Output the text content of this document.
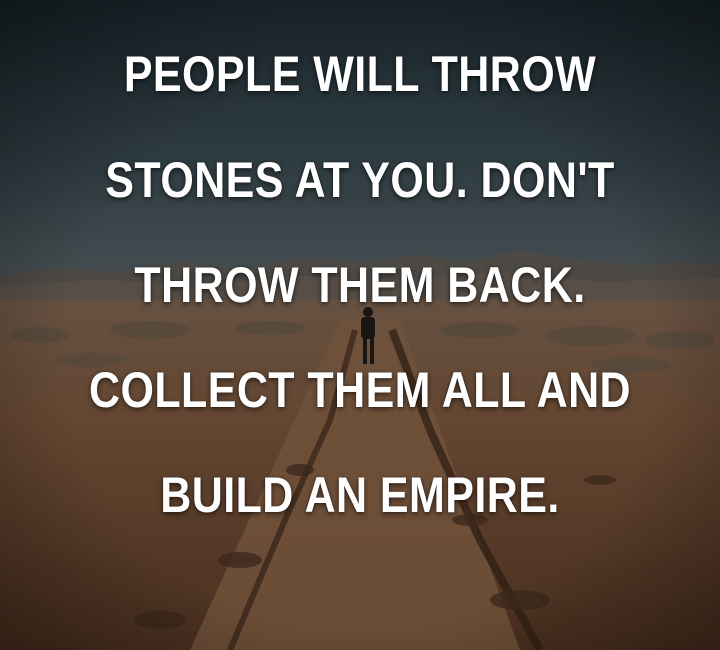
PEOPLE WILL THROW
STONES AT YOU. DON'T
THROW THEM BACK.
COLLECT THEM ALL AND
BUILD AN EMPIRE.
